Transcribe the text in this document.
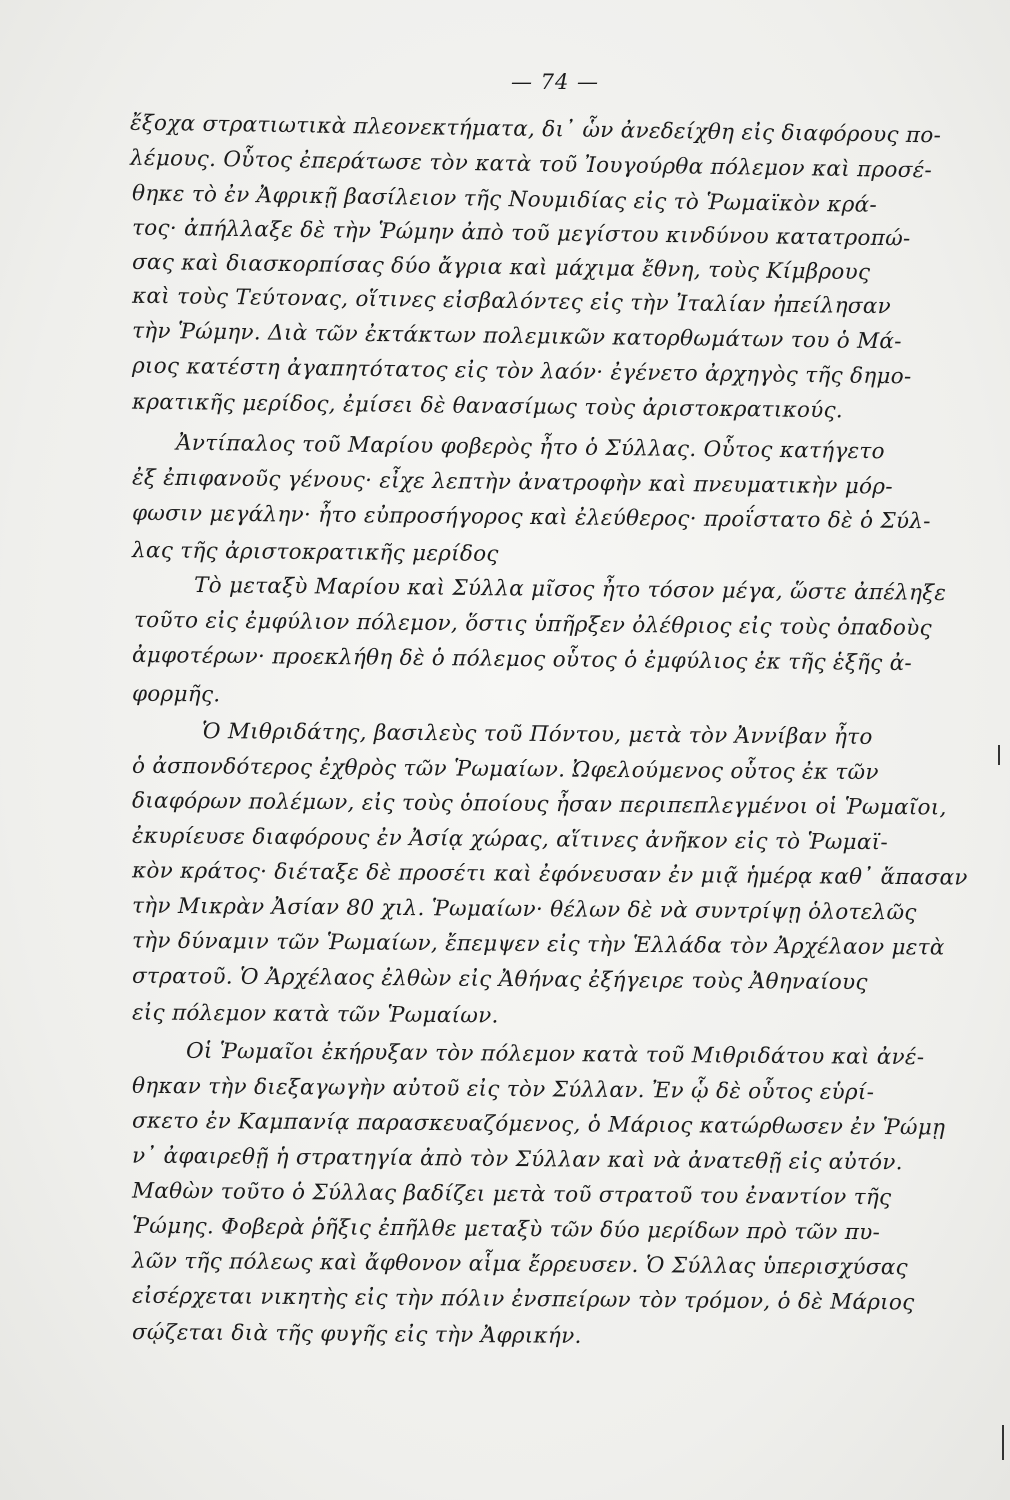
— 74 —
ἔξοχα στρατιωτικὰ πλεονεκτήματα, δι᾽ ὧν ἀνεδείχθη εἰς διαφόρους πο-
λέμους. Οὗτος ἐπεράτωσε τὸν κατὰ τοῦ Ἰουγούρθα πόλεμον καὶ προσέ-
θηκε τὸ ἐν Ἀφρικῇ βασίλειον τῆς Νουμιδίας εἰς τὸ Ῥωμαϊκὸν κρά-
τος· ἀπήλλαξε δὲ τὴν Ῥώμην ἀπὸ τοῦ μεγίστου κινδύνου κατατροπώ-
σας καὶ διασκορπίσας δύο ἄγρια καὶ μάχιμα ἔθνη, τοὺς Κίμβρους
καὶ τοὺς Τεύτονας, οἵτινες εἰσβαλόντες εἰς τὴν Ἰταλίαν ἠπείλησαν
τὴν Ῥώμην. Διὰ τῶν ἐκτάκτων πολεμικῶν κατορθωμάτων του ὁ Μά-
ριος κατέστη ἀγαπητότατος εἰς τὸν λαόν· ἐγένετο ἀρχηγὸς τῆς δημο-
κρατικῆς μερίδος, ἐμίσει δὲ θανασίμως τοὺς ἀριστοκρατικούς.
Ἀντίπαλος τοῦ Μαρίου φοβερὸς ἦτο ὁ Σύλλας. Οὗτος κατήγετο
ἐξ ἐπιφανοῦς γένους· εἶχε λεπτὴν ἀνατροφὴν καὶ πνευματικὴν μόρ-
φωσιν μεγάλην· ἦτο εὐπροσήγορος καὶ ἐλεύθερος· προΐστατο δὲ ὁ Σύλ-
λας τῆς ἀριστοκρατικῆς μερίδος
Τὸ μεταξὺ Μαρίου καὶ Σύλλα μῖσος ἦτο τόσον μέγα, ὥστε ἀπέληξε
τοῦτο εἰς ἐμφύλιον πόλεμον, ὅστις ὑπῆρξεν ὀλέθριος εἰς τοὺς ὀπαδοὺς
ἀμφοτέρων· προεκλήθη δὲ ὁ πόλεμος οὗτος ὁ ἐμφύλιος ἐκ τῆς ἑξῆς ἀ-
φορμῆς.
Ὁ Μιθριδάτης, βασιλεὺς τοῦ Πόντου, μετὰ τὸν Ἀννίβαν ἦτο
ὁ ἀσπονδότερος ἐχθρὸς τῶν Ῥωμαίων. Ὠφελούμενος οὗτος ἐκ τῶν
διαφόρων πολέμων, εἰς τοὺς ὁποίους ἦσαν περιπεπλεγμένοι οἱ Ῥωμαῖοι,
ἐκυρίευσε διαφόρους ἐν Ἀσίᾳ χώρας, αἵτινες ἀνῆκον εἰς τὸ Ῥωμαϊ-
κὸν κράτος· διέταξε δὲ προσέτι καὶ ἐφόνευσαν ἐν μιᾷ ἡμέρᾳ καθ᾽ ἅπασαν
τὴν Μικρὰν Ἀσίαν 80 χιλ. Ῥωμαίων· θέλων δὲ νὰ συντρίψῃ ὁλοτελῶς
τὴν δύναμιν τῶν Ῥωμαίων, ἔπεμψεν εἰς τὴν Ἑλλάδα τὸν Ἀρχέλαον μετὰ
στρατοῦ. Ὁ Ἀρχέλαος ἐλθὼν εἰς Ἀθήνας ἐξήγειρε τοὺς Ἀθηναίους
εἰς πόλεμον κατὰ τῶν Ῥωμαίων.
Οἱ Ῥωμαῖοι ἐκήρυξαν τὸν πόλεμον κατὰ τοῦ Μιθριδάτου καὶ ἀνέ-
θηκαν τὴν διεξαγωγὴν αὐτοῦ εἰς τὸν Σύλλαν. Ἐν ᾧ δὲ οὗτος εὑρί-
σκετο ἐν Καμπανίᾳ παρασκευαζόμενος, ὁ Μάριος κατώρθωσεν ἐν Ῥώμῃ
ν᾽ ἀφαιρεθῇ ἡ στρατηγία ἀπὸ τὸν Σύλλαν καὶ νὰ ἀνατεθῇ εἰς αὐτόν.
Μαθὼν τοῦτο ὁ Σύλλας βαδίζει μετὰ τοῦ στρατοῦ του ἐναντίον τῆς
Ῥώμης. Φοβερὰ ῥῆξις ἐπῆλθε μεταξὺ τῶν δύο μερίδων πρὸ τῶν πυ-
λῶν τῆς πόλεως καὶ ἄφθονον αἷμα ἔρρευσεν. Ὁ Σύλλας ὑπερισχύσας
εἰσέρχεται νικητὴς εἰς τὴν πόλιν ἐνσπείρων τὸν τρόμον, ὁ δὲ Μάριος
σῴζεται διὰ τῆς φυγῆς εἰς τὴν Ἀφρικήν.
